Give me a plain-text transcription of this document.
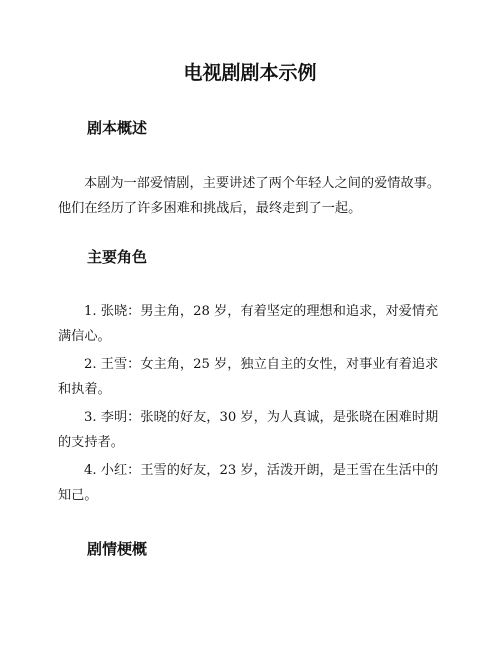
电视剧剧本示例
剧本概述

本剧为一部爱情剧，主要讲述了两个年轻人之间的爱情故事。他们在经历了许多困难和挑战后，最终走到了一起。

主要角色

1. 张晓：男主角，28 岁，有着坚定的理想和追求，对爱情充满信心。

2. 王雪：女主角，25 岁，独立自主的女性，对事业有着追求和执着。

3. 李明：张晓的好友，30 岁，为人真诚，是张晓在困难时期的支持者。

4. 小红：王雪的好友，23 岁，活泼开朗，是王雪在生活中的知己。

剧情梗概
